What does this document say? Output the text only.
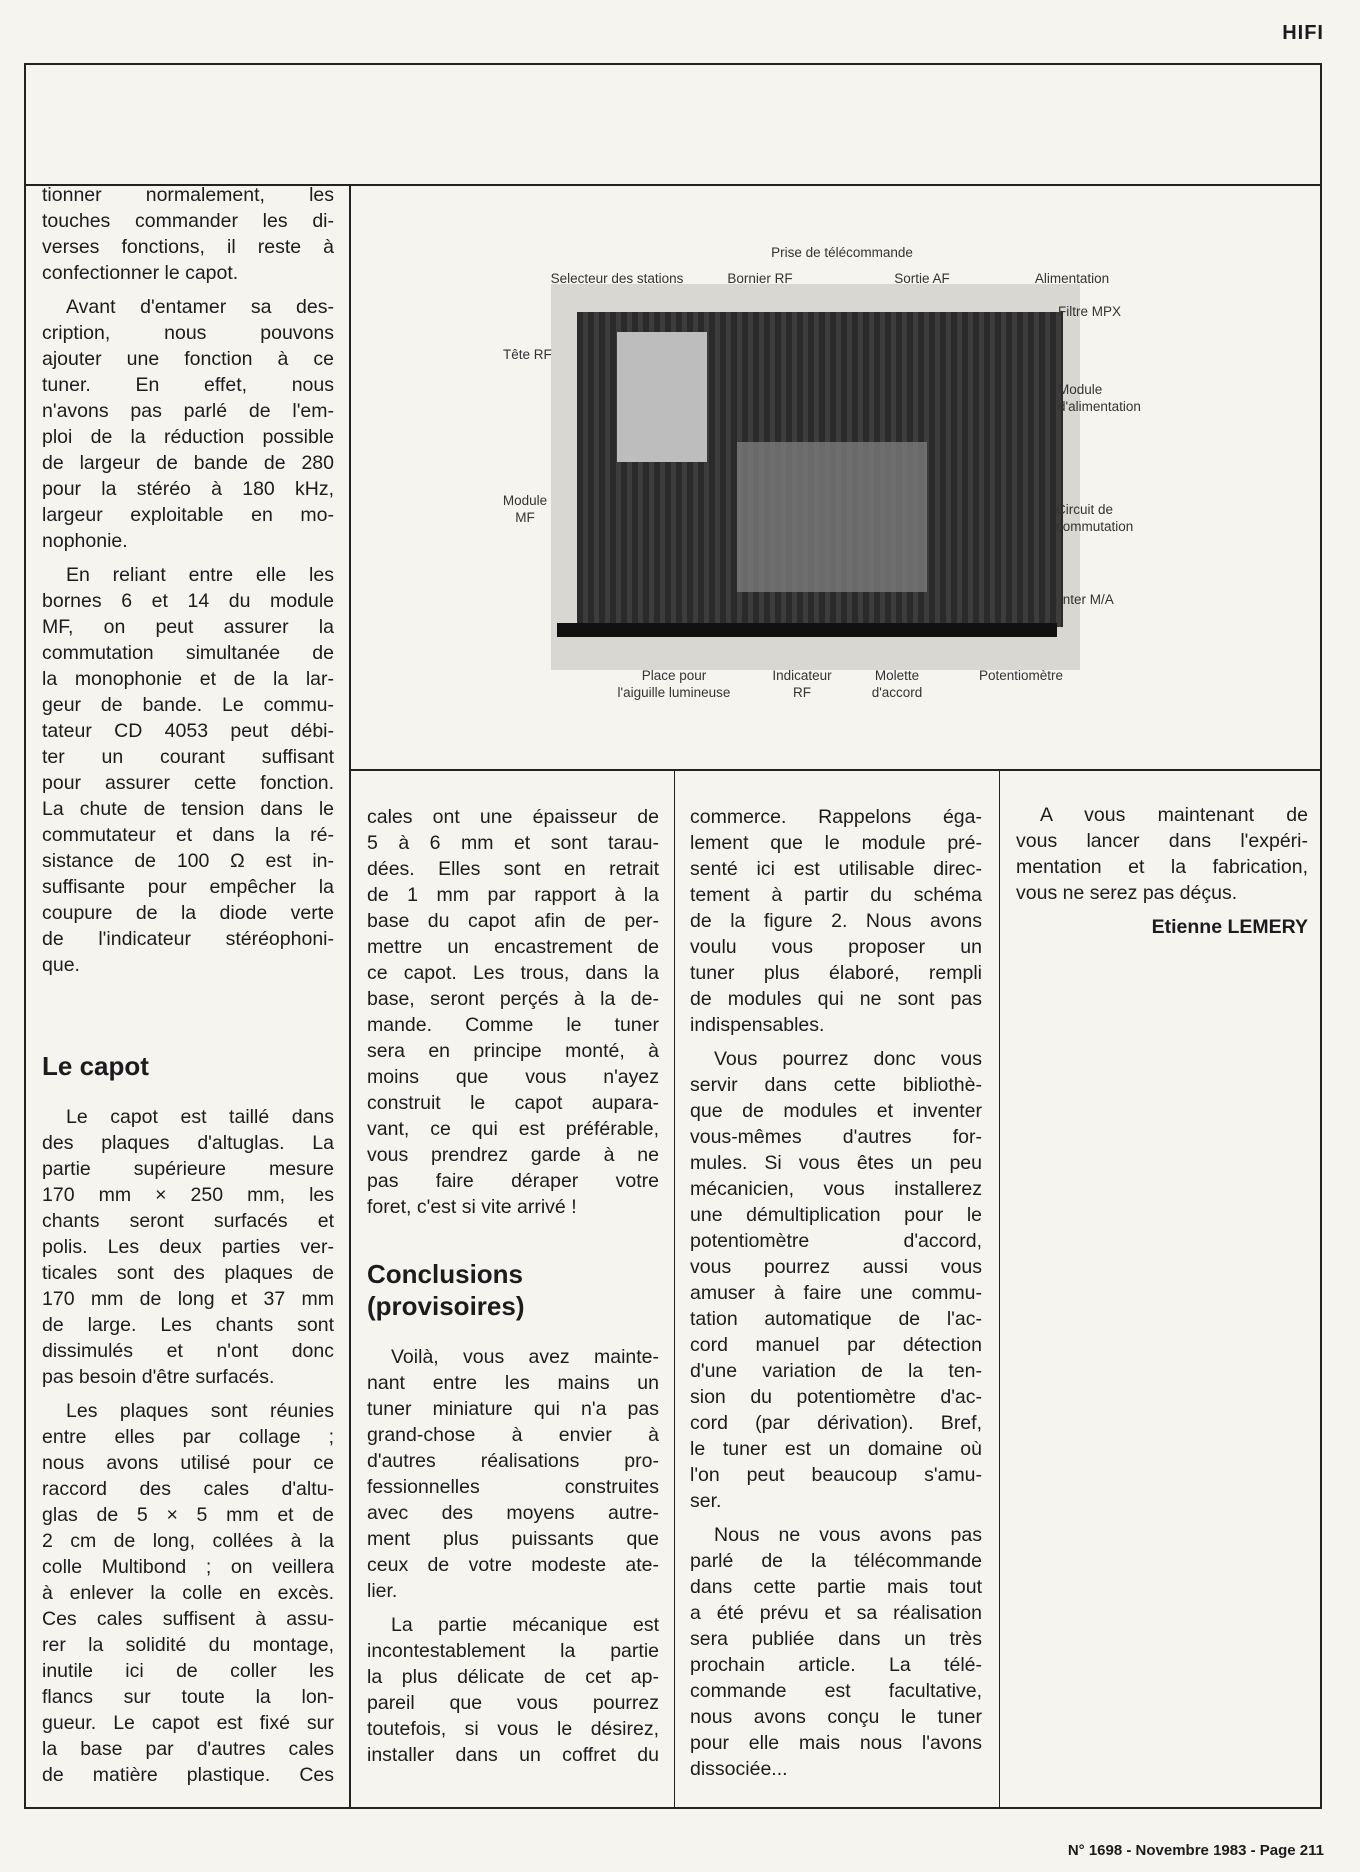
HIFI
Prise de télécommande
Selecteur des stations	Bornier RF	Sortie AF	Alimentation
Filtre MPX
Tête RF
Module
d'alimentation
Module
MF
Circuit de
commutation
Inter M/A
Place pour
l'aiguille lumineuse
Indicateur
RF
Molette
d'accord
Potentiomètre
tionner normalement, les
touches commander les di-
verses fonctions, il reste à
confectionner le capot.
Avant d'entamer sa des-
cription, nous pouvons
ajouter une fonction à ce
tuner. En effet, nous
n'avons pas parlé de l'em-
ploi de la réduction possible
de largeur de bande de 280
pour la stéréo à 180 kHz,
largeur exploitable en mo-
nophonie.
En reliant entre elle les
bornes 6 et 14 du module
MF, on peut assurer la
commutation simultanée de
la monophonie et de la lar-
geur de bande. Le commu-
tateur CD 4053 peut débi-
ter un courant suffisant
pour assurer cette fonction.
La chute de tension dans le
commutateur et dans la ré-
sistance de 100 Ω est in-
suffisante pour empêcher la
coupure de la diode verte
de l'indicateur stéréophoni-
que.
Le capot
Le capot est taillé dans
des plaques d'altuglas. La
partie supérieure mesure
170 mm × 250 mm, les
chants seront surfacés et
polis. Les deux parties ver-
ticales sont des plaques de
170 mm de long et 37 mm
de large. Les chants sont
dissimulés et n'ont donc
pas besoin d'être surfacés.
Les plaques sont réunies
entre elles par collage ;
nous avons utilisé pour ce
raccord des cales d'altu-
glas de 5 × 5 mm et de
2 cm de long, collées à la
colle Multibond ; on veillera
à enlever la colle en excès.
Ces cales suffisent à assu-
rer la solidité du montage,
inutile ici de coller les
flancs sur toute la lon-
gueur. Le capot est fixé sur
la base par d'autres cales
de matière plastique. Ces
cales ont une épaisseur de
5 à 6 mm et sont tarau-
dées. Elles sont en retrait
de 1 mm par rapport à la
base du capot afin de per-
mettre un encastrement de
ce capot. Les trous, dans la
base, seront perçés à la de-
mande. Comme le tuner
sera en principe monté, à
moins que vous n'ayez
construit le capot aupara-
vant, ce qui est préférable,
vous prendrez garde à ne
pas faire déraper votre
foret, c'est si vite arrivé !
Conclusions
(provisoires)
Voilà, vous avez mainte-
nant entre les mains un
tuner miniature qui n'a pas
grand-chose à envier à
d'autres réalisations pro-
fessionnelles construites
avec des moyens autre-
ment plus puissants que
ceux de votre modeste ate-
lier.
La partie mécanique est
incontestablement la partie
la plus délicate de cet ap-
pareil que vous pourrez
toutefois, si vous le désirez,
installer dans un coffret du
commerce. Rappelons éga-
lement que le module pré-
senté ici est utilisable direc-
tement à partir du schéma
de la figure 2. Nous avons
voulu vous proposer un
tuner plus élaboré, rempli
de modules qui ne sont pas
indispensables.
Vous pourrez donc vous
servir dans cette bibliothè-
que de modules et inventer
vous-mêmes d'autres for-
mules. Si vous êtes un peu
mécanicien, vous installerez
une démultiplication pour le
potentiomètre d'accord,
vous pourrez aussi vous
amuser à faire une commu-
tation automatique de l'ac-
cord manuel par détection
d'une variation de la ten-
sion du potentiomètre d'ac-
cord (par dérivation). Bref,
le tuner est un domaine où
l'on peut beaucoup s'amu-
ser.
Nous ne vous avons pas
parlé de la télécommande
dans cette partie mais tout
a été prévu et sa réalisation
sera publiée dans un très
prochain article. La télé-
commande est facultative,
nous avons conçu le tuner
pour elle mais nous l'avons
dissociée...
A vous maintenant de
vous lancer dans l'expéri-
mentation et la fabrication,
vous ne serez pas déçus.
Etienne LEMERY
N° 1698 - Novembre 1983 - Page 211
